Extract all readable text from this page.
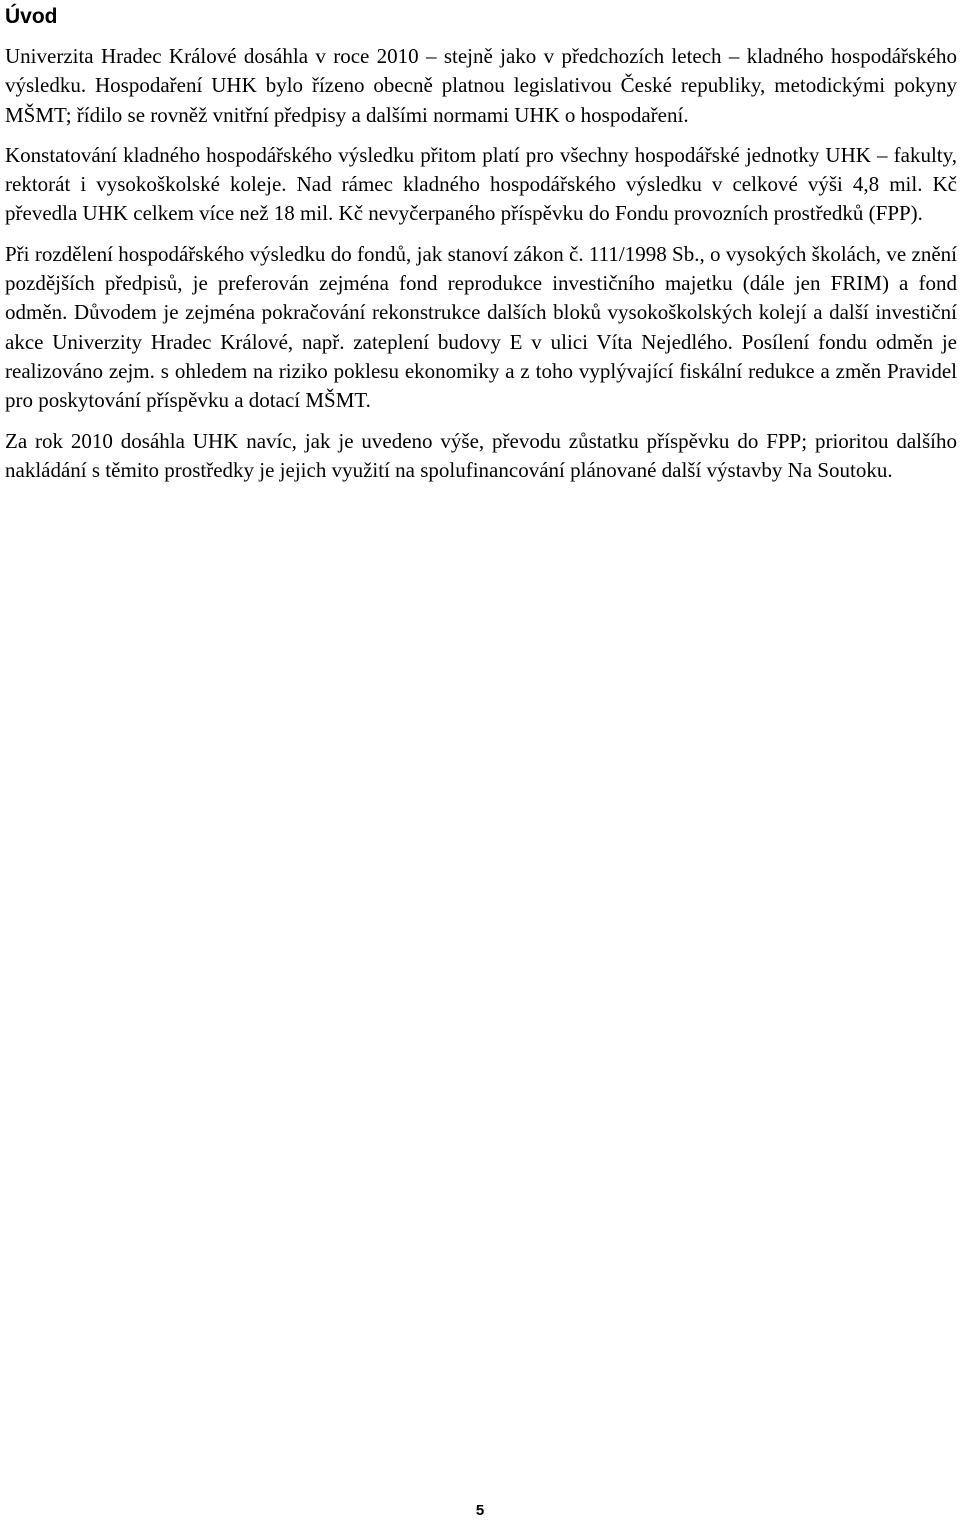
Úvod

Univerzita Hradec Králové dosáhla v roce 2010 – stejně jako v předchozích letech – kladného hospodářského výsledku. Hospodaření UHK bylo řízeno obecně platnou legislativou České republiky, metodickými pokyny MŠMT; řídilo se rovněž vnitřní předpisy a dalšími normami UHK o hospodaření.

Konstatování kladného hospodářského výsledku přitom platí pro všechny hospodářské jednotky UHK – fakulty, rektorát i vysokoškolské koleje. Nad rámec kladného hospodářského výsledku v celkové výši 4,8 mil. Kč převedla UHK celkem více než 18 mil. Kč nevyčerpaného příspěvku do Fondu provozních prostředků (FPP).

Při rozdělení hospodářského výsledku do fondů, jak stanoví zákon č. 111/1998 Sb., o vysokých školách, ve znění pozdějších předpisů, je preferován zejména fond reprodukce investičního majetku (dále jen FRIM) a fond odměn. Důvodem je zejména pokračování rekonstrukce dalších bloků vysokoškolských kolejí a další investiční akce Univerzity Hradec Králové, např. zateplení budovy E v ulici Víta Nejedlého. Posílení fondu odměn je realizováno zejm. s ohledem na riziko poklesu ekonomiky a z toho vyplývající fiskální redukce a změn Pravidel pro poskytování příspěvku a dotací MŠMT.

Za rok 2010 dosáhla UHK navíc, jak je uvedeno výše, převodu zůstatku příspěvku do FPP; prioritou dalšího nakládání s těmito prostředky je jejich využití na spolufinancování plánované další výstavby Na Soutoku.

5
